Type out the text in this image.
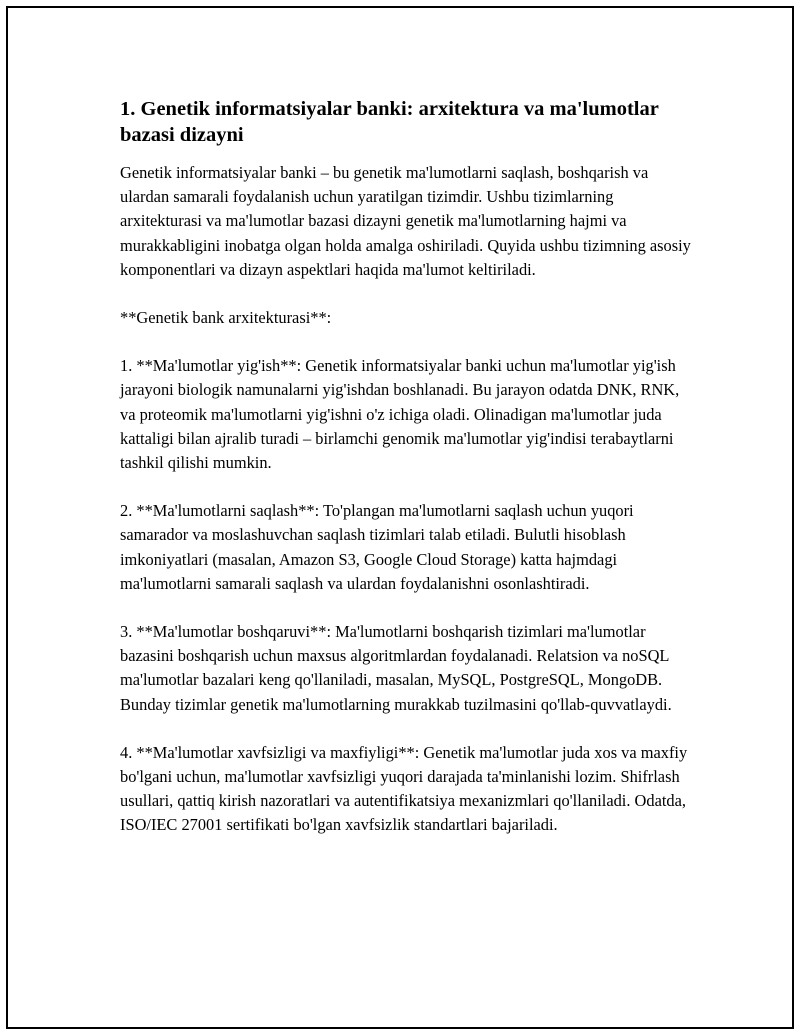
1. Genetik informatsiyalar banki: arxitektura va ma'lumotlar bazasi dizayni

Genetik informatsiyalar banki – bu genetik ma'lumotlarni saqlash, boshqarish va ulardan samarali foydalanish uchun yaratilgan tizimdir. Ushbu tizimlarning arxitekturasi va ma'lumotlar bazasi dizayni genetik ma'lumotlarning hajmi va murakkabligini inobatga olgan holda amalga oshiriladi. Quyida ushbu tizimning asosiy komponentlari va dizayn aspektlari haqida ma'lumot keltiriladi.

**Genetik bank arxitekturasi**:

1. **Ma'lumotlar yig'ish**: Genetik informatsiyalar banki uchun ma'lumotlar yig'ish jarayoni biologik namunalarni yig'ishdan boshlanadi. Bu jarayon odatda DNK, RNK, va proteomik ma'lumotlarni yig'ishni o'z ichiga oladi. Olinadigan ma'lumotlar juda kattaligi bilan ajralib turadi – birlamchi genomik ma'lumotlar yig'indisi terabaytlarni tashkil qilishi mumkin.

2. **Ma'lumotlarni saqlash**: To'plangan ma'lumotlarni saqlash uchun yuqori samarador va moslashuvchan saqlash tizimlari talab etiladi. Bulutli hisoblash imkoniyatlari (masalan, Amazon S3, Google Cloud Storage) katta hajmdagi ma'lumotlarni samarali saqlash va ulardan foydalanishni osonlashtiradi.

3. **Ma'lumotlar boshqaruvi**: Ma'lumotlarni boshqarish tizimlari ma'lumotlar bazasini boshqarish uchun maxsus algoritmlardan foydalanadi. Relatsion va noSQL ma'lumotlar bazalari keng qo'llaniladi, masalan, MySQL, PostgreSQL, MongoDB. Bunday tizimlar genetik ma'lumotlarning murakkab tuzilmasini qo'llab-quvvatlaydi.

4. **Ma'lumotlar xavfsizligi va maxfiyligi**: Genetik ma'lumotlar juda xos va maxfiy bo'lgani uchun, ma'lumotlar xavfsizligi yuqori darajada ta'minlanishi lozim. Shifrlash usullari, qattiq kirish nazoratlari va autentifikatsiya mexanizmlari qo'llaniladi. Odatda, ISO/IEC 27001 sertifikati bo'lgan xavfsizlik standartlari bajariladi.
